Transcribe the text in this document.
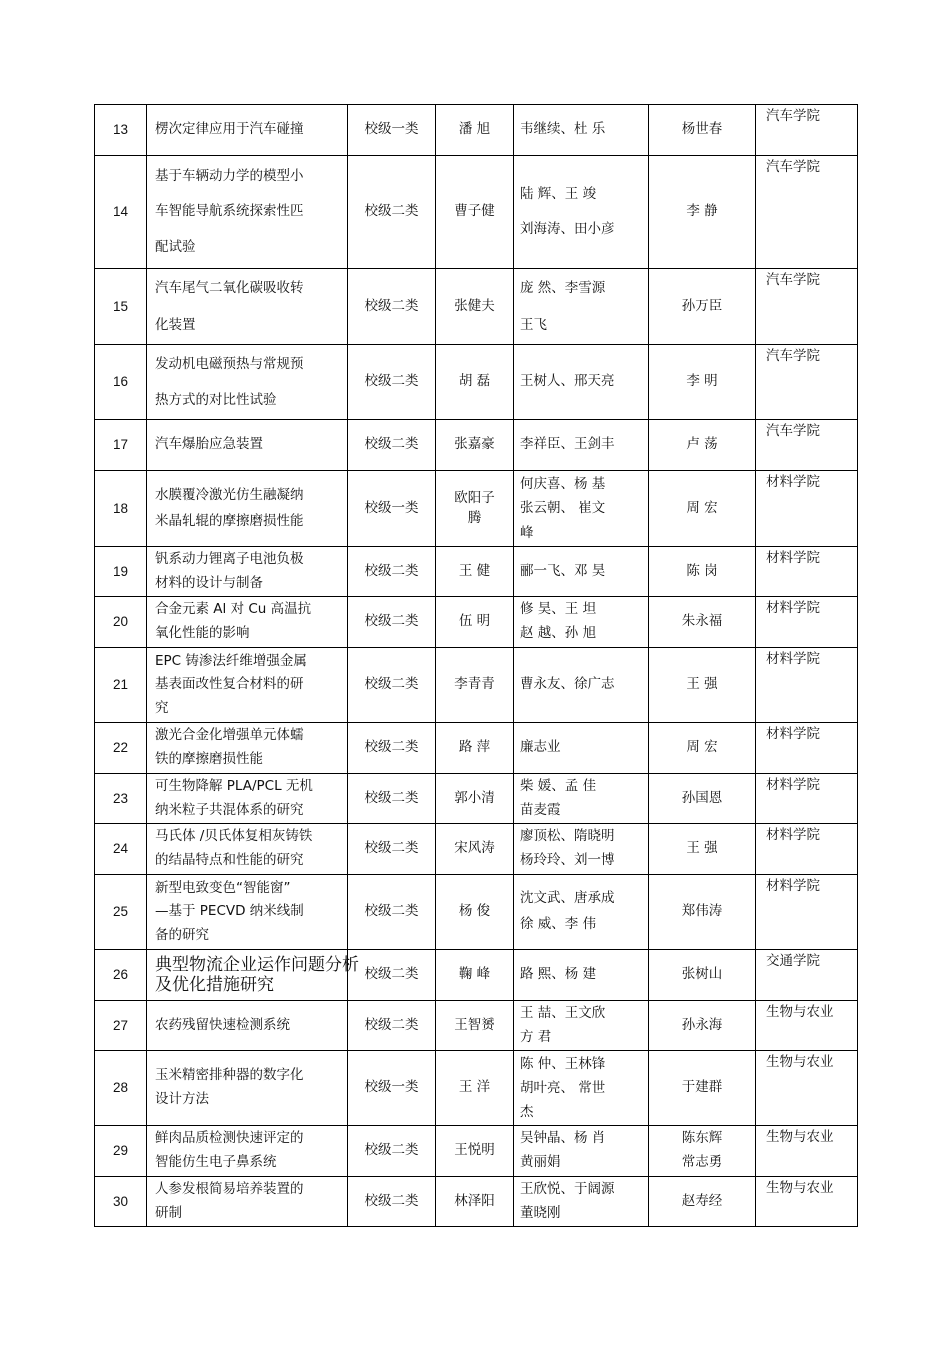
13	楞次定律应用于汽车碰撞	校级一类	潘 旭	韦继续、杜 乐	杨世春	汽车学院
14	基于车辆动力学的模型小
车智能导航系统探索性匹
配试验	校级二类	曹子健	陆 辉、王 竣
刘海涛、田小彦	李 静	汽车学院
15	汽车尾气二氧化碳吸收转
化装置	校级二类	张健夫	庞 然、李雪源
王飞	孙万臣	汽车学院
16	发动机电磁预热与常规预
热方式的对比性试验	校级二类	胡 磊	王树人、邢天亮	李 明	汽车学院
17	汽车爆胎应急装置	校级二类	张嘉豪	李祥臣、王剑丰	卢 荡	汽车学院
18	水膜覆冷激光仿生融凝纳
米晶轧辊的摩擦磨损性能	校级一类	欧阳子腾	何庆喜、杨 基
张云朝、 崔文
峰	周 宏	材料学院
19	钒系动力锂离子电池负极
材料的设计与制备	校级二类	王 健	郦一飞、邓 昊	陈 岗	材料学院
20	合金元素 Al 对 Cu 高温抗
氧化性能的影响	校级二类	伍 明	修 昊、王 坦
赵 越、孙 旭	朱永福	材料学院
21	EPC 铸渗法纤维增强金属
基表面改性复合材料的研
究	校级二类	李青青	曹永友、徐广志	王 强	材料学院
22	激光合金化增强单元体蠕
铁的摩擦磨损性能	校级二类	路 萍	廉志业	周 宏	材料学院
23	可生物降解 PLA/PCL 无机
纳米粒子共混体系的研究	校级二类	郭小清	柴 媛、孟 佳
苗麦霞	孙国恩	材料学院
24	马氏体 /贝氏体复相灰铸铁
的结晶特点和性能的研究	校级二类	宋风涛	廖顶松、隋晓明
杨玲玲、刘一博	王 强	材料学院
25	新型电致变色“智能窗”
—基于 PECVD 纳米线制
备的研究	校级二类	杨 俊	沈文武、唐承成
徐 威、李 伟	郑伟涛	材料学院
26	典型物流企业运作问题分析
及优化措施研究	校级二类	鞠 峰	路 熙、杨 建	张树山	交通学院
27	农药残留快速检测系统	校级二类	王智赟	王 喆、王文欣
方 君	孙永海	生物与农业
28	玉米精密排种器的数字化
设计方法	校级一类	王 洋	陈 仲、王林锋
胡叶亮、 常世
杰	于建群	生物与农业
29	鲜肉品质检测快速评定的
智能仿生电子鼻系统	校级二类	王悦明	吴钟晶、杨 肖
黄丽娟	陈东辉
常志勇	生物与农业
30	人参发根简易培养装置的
研制	校级二类	林泽阳	王欣悦、于阔源
董晓刚	赵寿经	生物与农业
